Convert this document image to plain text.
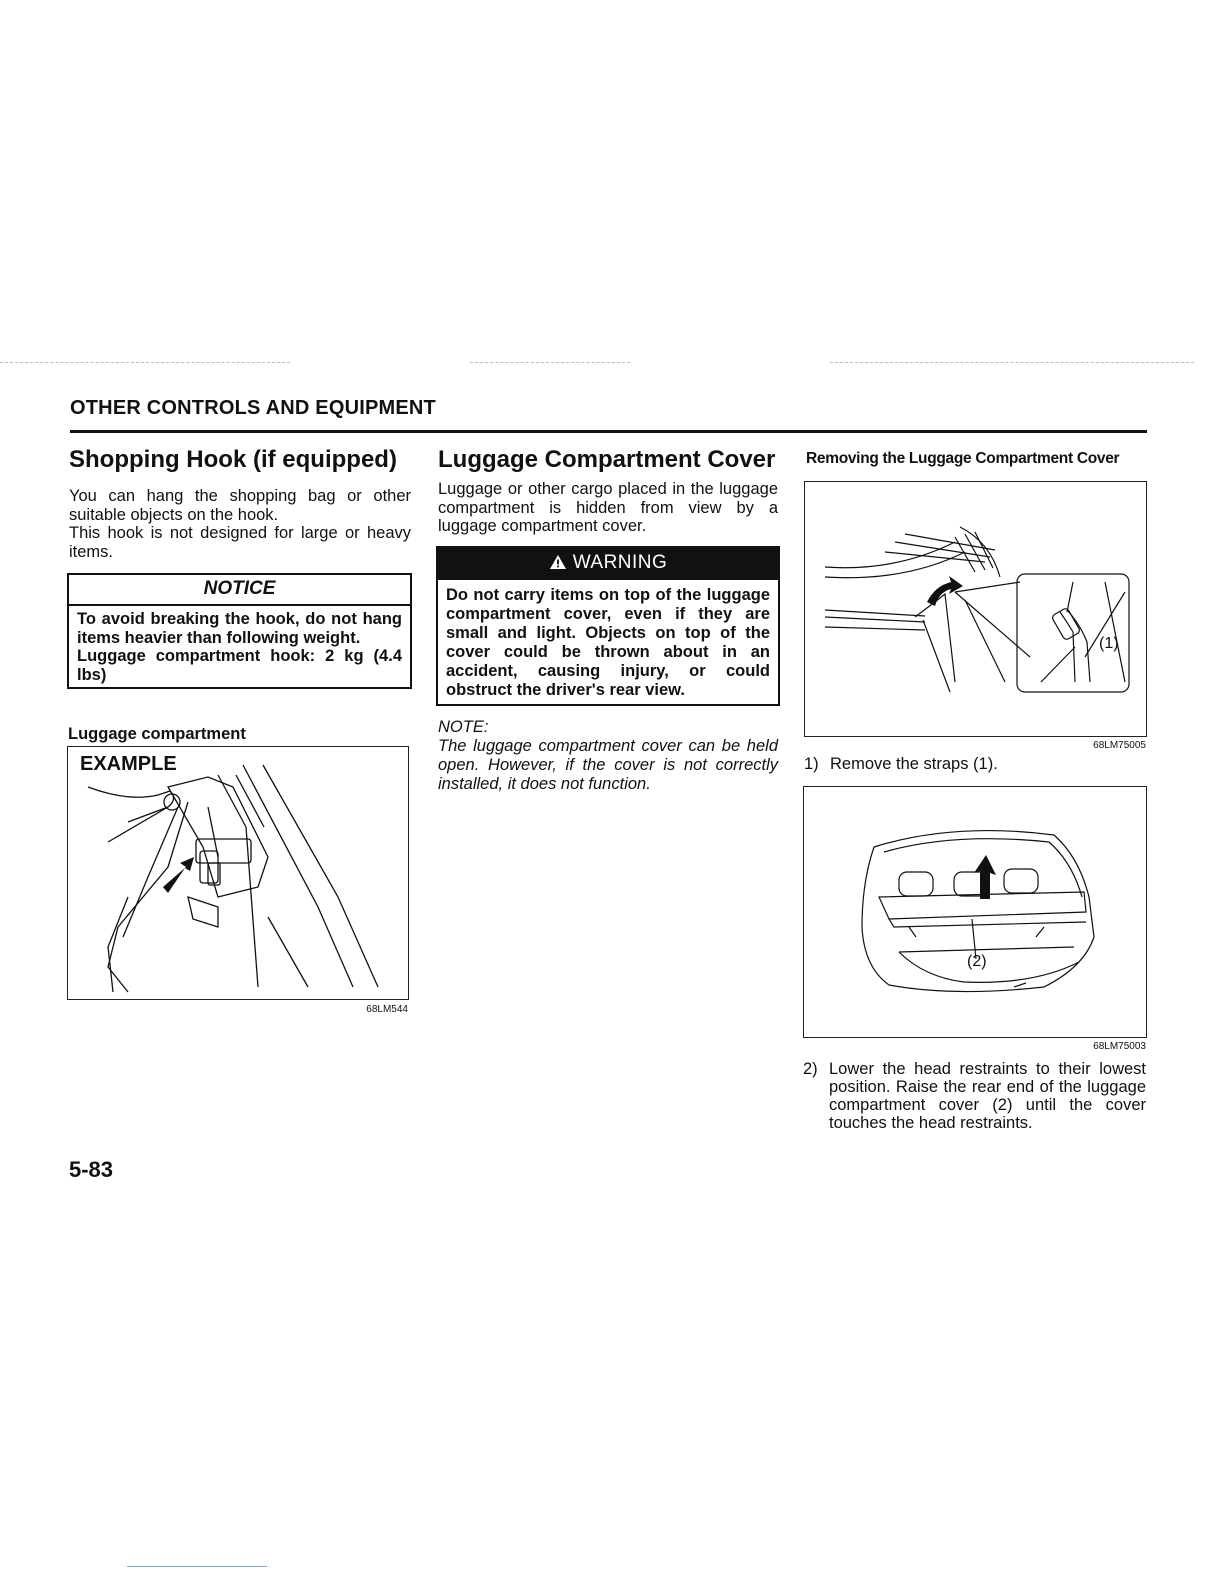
OTHER CONTROLS AND EQUIPMENT
Shopping Hook (if equipped)

You can hang the shopping bag or other suitable objects on the hook.

This hook is not designed for large or heavy items.

NOTICE

To avoid breaking the hook, do not hang items heavier than following weight.

Luggage compartment hook: 2 kg (4.4 lbs)

Luggage compartment
EXAMPLE
68LM544
Luggage Compartment Cover
Luggage or other cargo placed in the luggage compartment is hidden from view by a luggage compartment cover.
WARNING
Do not carry items on top of the luggage compartment cover, even if they are small and light. Objects on top of the cover could be thrown about in an accident, causing injury, or could obstruct the driver's rear view.

NOTE:

The luggage compartment cover can be held open. However, if the cover is not correctly installed, it does not function.

Removing the Luggage Compartment Cover
(1)
68LM75005
1) Remove the straps (1).
(2)
68LM75003
2) Lower the head restraints to their lowest position. Raise the rear end of the luggage compartment cover (2) until the cover touches the head restraints.
5-83
